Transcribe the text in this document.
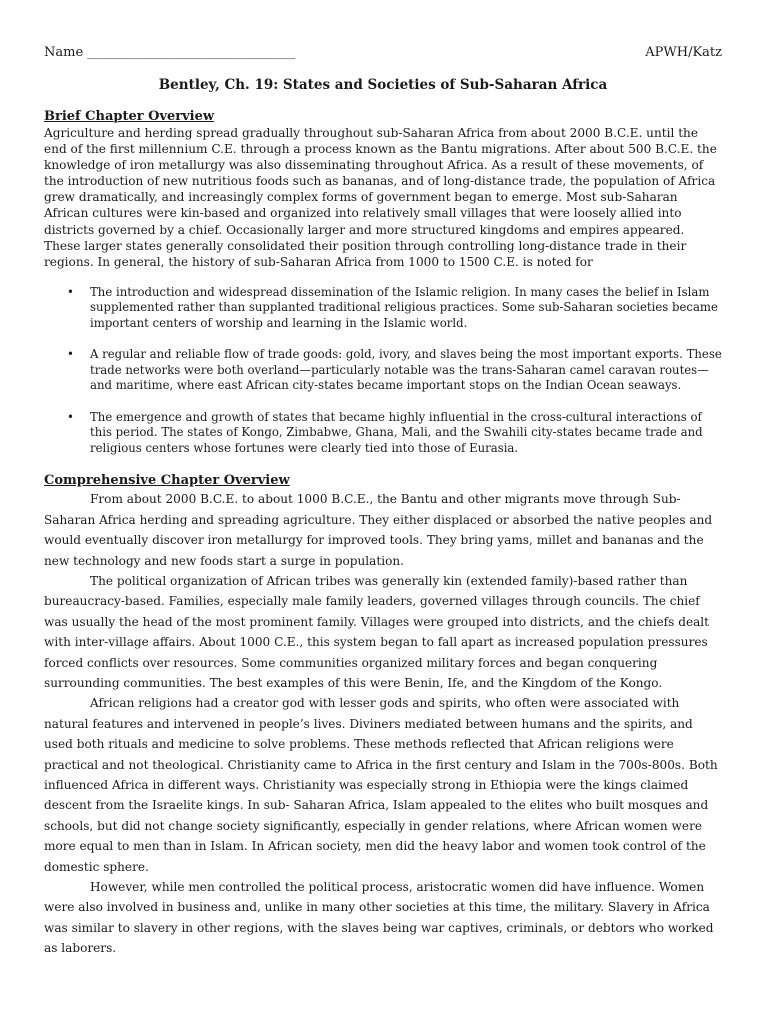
Name ________________________________	APWH/Katz
Bentley, Ch. 19: States and Societies of Sub-Saharan Africa
Brief Chapter Overview

Agriculture and herding spread gradually throughout sub-Saharan Africa from about 2000 B.C.E. until the end of the first millennium C.E. through a process known as the Bantu migrations. After about 500 B.C.E. the knowledge of iron metallurgy was also disseminating throughout Africa. As a result of these movements, of the introduction of new nutritious foods such as bananas, and of long-distance trade, the population of Africa grew dramatically, and increasingly complex forms of government began to emerge. Most sub-Saharan African cultures were kin-based and organized into relatively small villages that were loosely allied into districts governed by a chief. Occasionally larger and more structured kingdoms and empires appeared. These larger states generally consolidated their position through controlling long-distance trade in their regions. In general, the history of sub-Saharan Africa from 1000 to 1500 C.E. is noted for

• The introduction and widespread dissemination of the Islamic religion. In many cases the belief in Islam supplemented rather than supplanted traditional religious practices. Some sub-Saharan societies became important centers of worship and learning in the Islamic world.
• A regular and reliable flow of trade goods: gold, ivory, and slaves being the most important exports. These trade networks were both overland—particularly notable was the trans-Saharan camel caravan routes—and maritime, where east African city-states became important stops on the Indian Ocean seaways.
• The emergence and growth of states that became highly influential in the cross-cultural interactions of this period. The states of Kongo, Zimbabwe, Ghana, Mali, and the Swahili city-states became trade and religious centers whose fortunes were clearly tied into those of Eurasia.
Comprehensive Chapter Overview

From about 2000 B.C.E. to about 1000 B.C.E., the Bantu and other migrants move through Sub-Saharan Africa herding and spreading agriculture. They either displaced or absorbed the native peoples and would eventually discover iron metallurgy for improved tools. They bring yams, millet and bananas and the new technology and new foods start a surge in population.

The political organization of African tribes was generally kin (extended family)-based rather than bureaucracy-based. Families, especially male family leaders, governed villages through councils. The chief was usually the head of the most prominent family. Villages were grouped into districts, and the chiefs dealt with inter-village affairs. About 1000 C.E., this system began to fall apart as increased population pressures forced conflicts over resources. Some communities organized military forces and began conquering surrounding communities. The best examples of this were Benin, Ife, and the Kingdom of the Kongo.

African religions had a creator god with lesser gods and spirits, who often were associated with natural features and intervened in people’s lives. Diviners mediated between humans and the spirits, and used both rituals and medicine to solve problems. These methods reflected that African religions were practical and not theological. Christianity came to Africa in the first century and Islam in the 700s-800s. Both influenced Africa in different ways. Christianity was especially strong in Ethiopia were the kings claimed descent from the Israelite kings. In sub- Saharan Africa, Islam appealed to the elites who built mosques and schools, but did not change society significantly, especially in gender relations, where African women were more equal to men than in Islam. In African society, men did the heavy labor and women took control of the domestic sphere.

However, while men controlled the political process, aristocratic women did have influence. Women were also involved in business and, unlike in many other societies at this time, the military. Slavery in Africa was similar to slavery in other regions, with the slaves being war captives, criminals, or debtors who worked as laborers.
